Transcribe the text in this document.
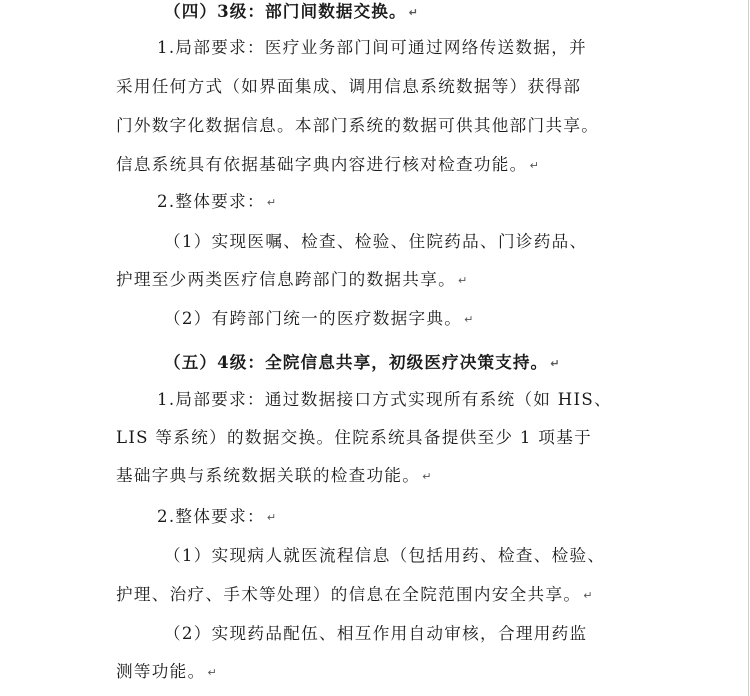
（四）3级：部门间数据交换。 ↵
1.局部要求：医疗业务部门间可通过网络传送数据，并
采用任何方式（如界面集成、调用信息系统数据等）获得部
门外数字化数据信息。本部门系统的数据可供其他部门共享。
信息系统具有依据基础字典内容进行核对检查功能。 ↵
2.整体要求： ↵
（1）实现医嘱、检查、检验、住院药品、门诊药品、
护理至少两类医疗信息跨部门的数据共享。 ↵
（2）有跨部门统一的医疗数据字典。 ↵
（五）4级：全院信息共享，初级医疗决策支持。 ↵
1.局部要求：通过数据接口方式实现所有系统（如 HIS、
LIS 等系统）的数据交换。住院系统具备提供至少 1 项基于
基础字典与系统数据关联的检查功能。 ↵
2.整体要求： ↵
（1）实现病人就医流程信息（包括用药、检查、检验、
护理、治疗、手术等处理）的信息在全院范围内安全共享。 ↵
（2）实现药品配伍、相互作用自动审核，合理用药监
测等功能。 ↵
